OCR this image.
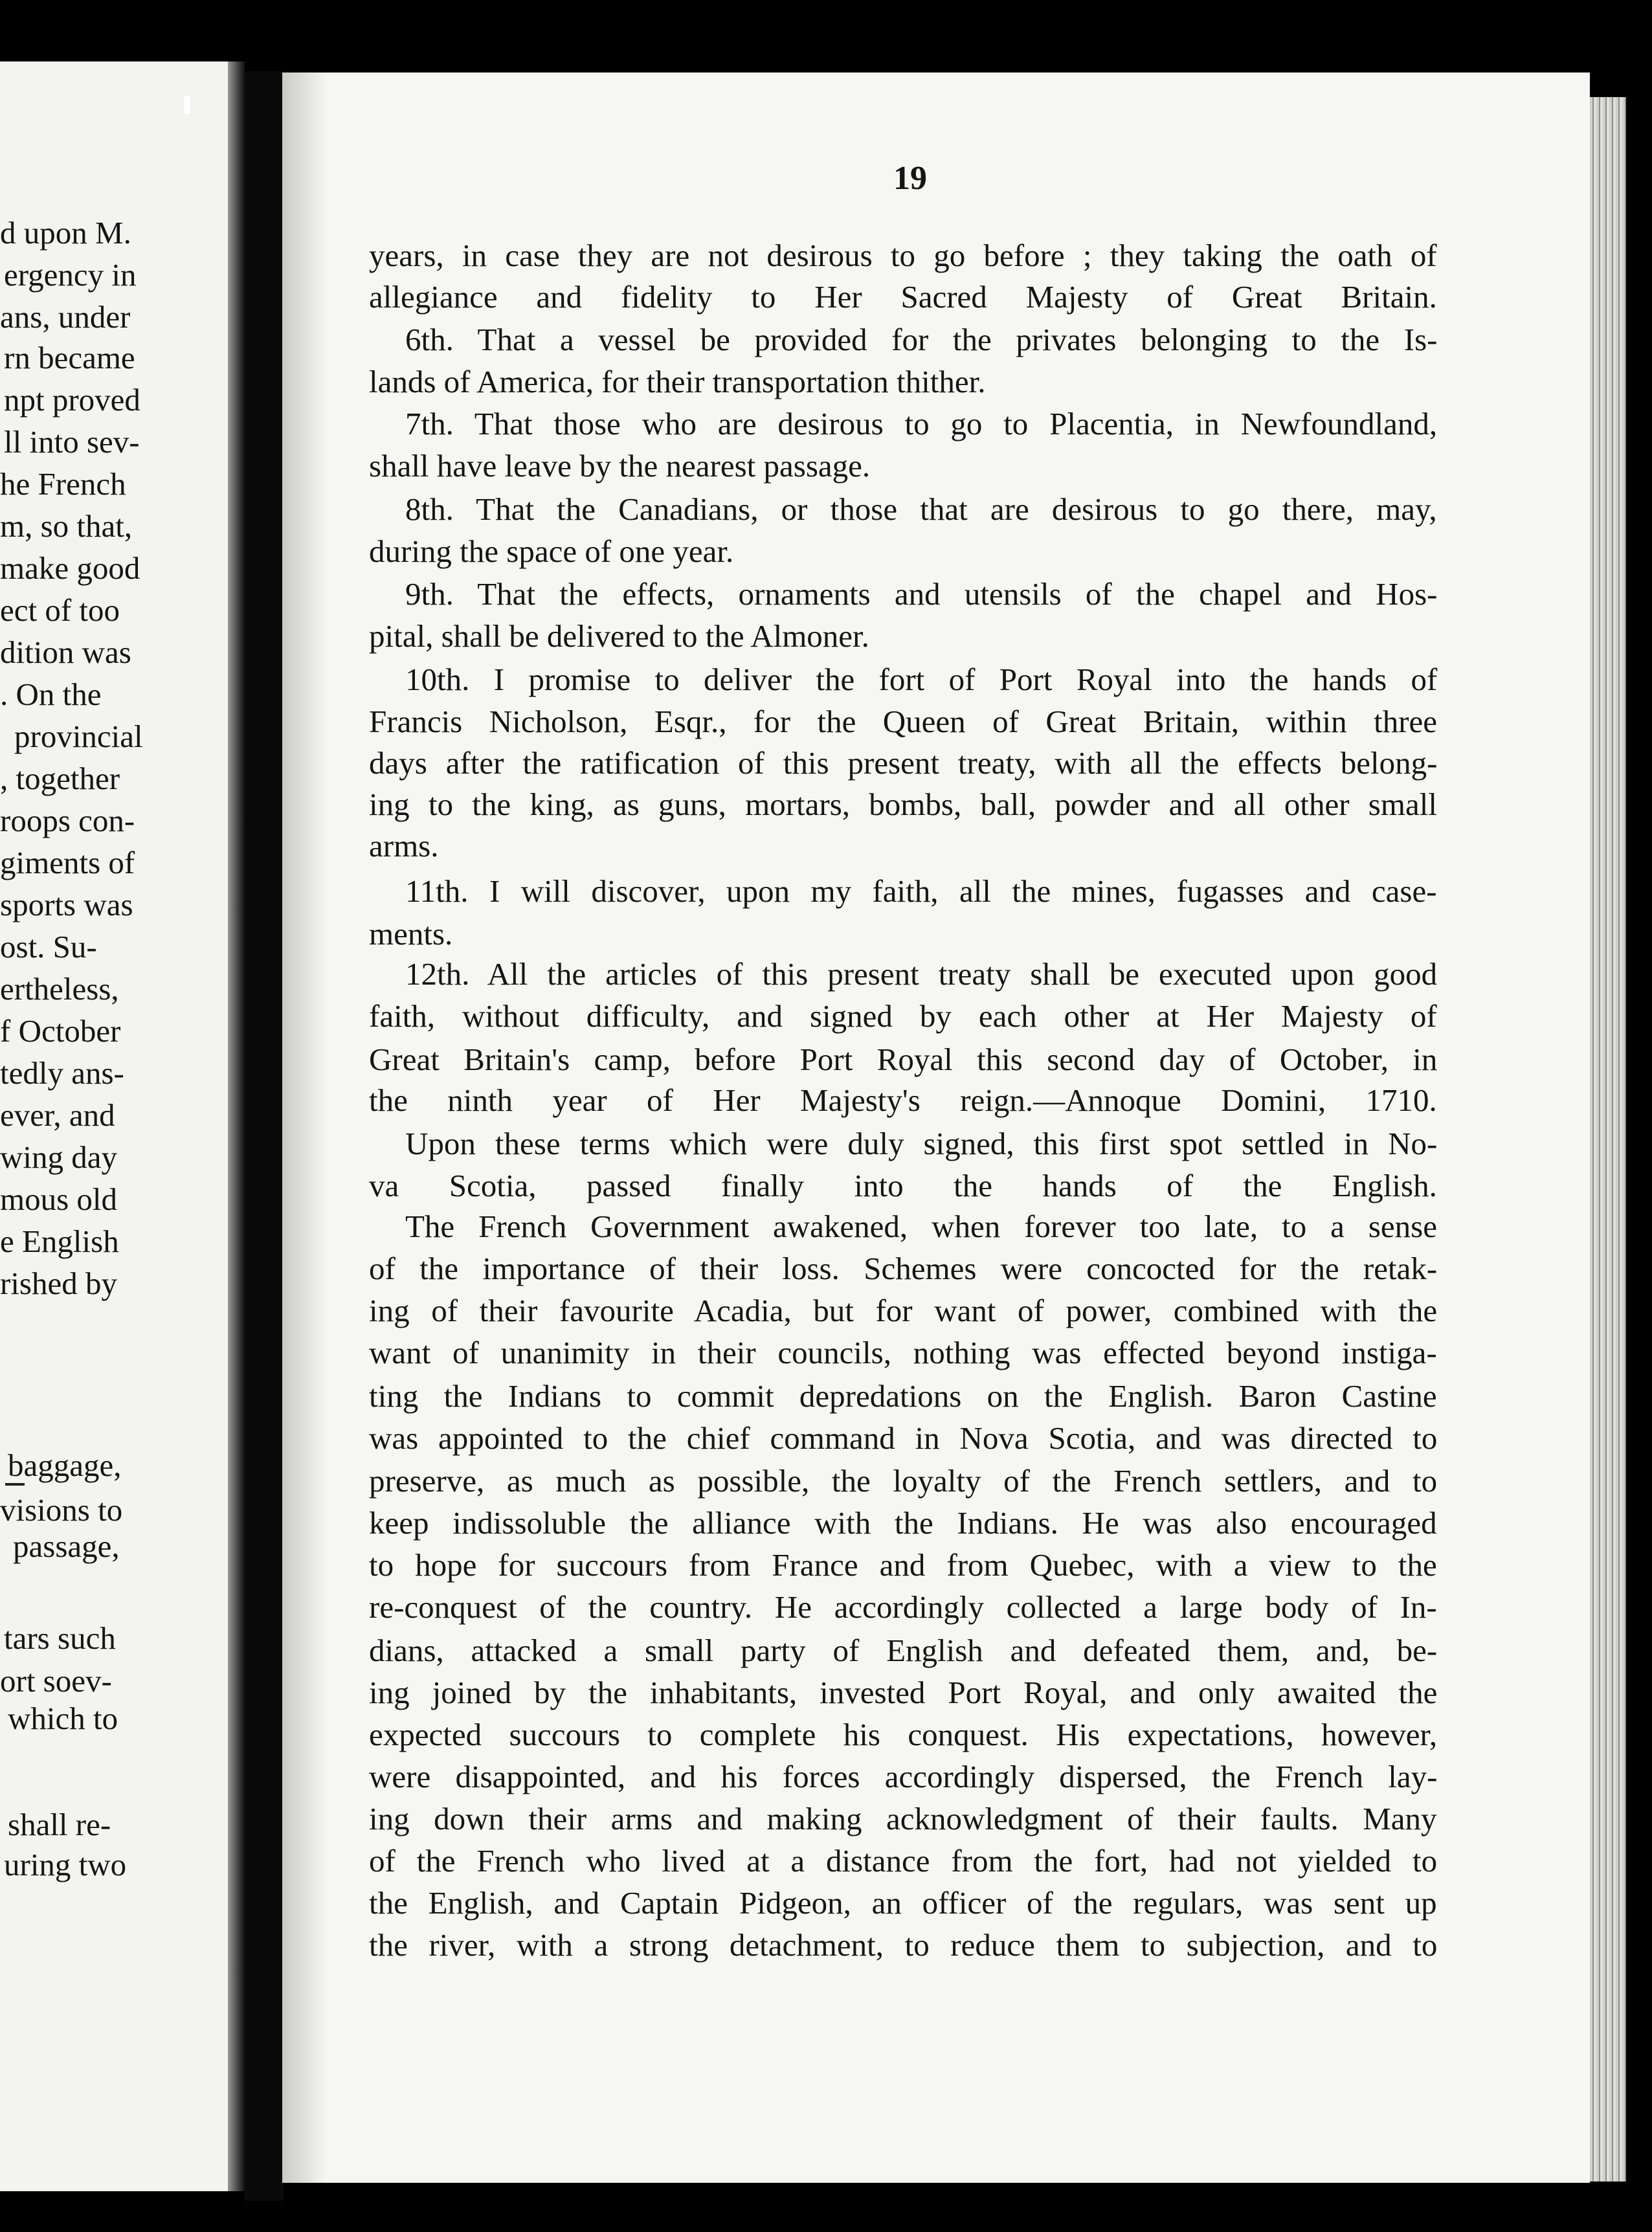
d upon M.
ergency in
ans, under
rn became
npt proved
ll into sev-
he French
m, so that,
make good
ect of too
dition was
. On the
provincial
, together
roops con-
giments of
sports was
ost. Su-
ertheless,
f October
tedly ans-
ever, and
wing day
mous old
e English
rished by
baggage,
visions to
passage,
tars such
ort soev-
which to
shall re-
uring two
19
years, in case they are not desirous to go before ; they taking the oath of
allegiance and fidelity to Her Sacred Majesty of Great Britain.
6th. That a vessel be provided for the privates belonging to the Is-
lands of America, for their transportation thither.
7th. That those who are desirous to go to Placentia, in Newfoundland,
shall have leave by the nearest passage.
8th. That the Canadians, or those that are desirous to go there, may,
during the space of one year.
9th. That the effects, ornaments and utensils of the chapel and Hos-
pital, shall be delivered to the Almoner.
10th. I promise to deliver the fort of Port Royal into the hands of
Francis Nicholson, Esqr., for the Queen of Great Britain, within three
days after the ratification of this present treaty, with all the effects belong-
ing to the king, as guns, mortars, bombs, ball, powder and all other small
arms.
11th. I will discover, upon my faith, all the mines, fugasses and case-
ments.
12th. All the articles of this present treaty shall be executed upon good
faith, without difficulty, and signed by each other at Her Majesty of
Great Britain's camp, before Port Royal this second day of October, in
the ninth year of Her Majesty's reign.—Annoque Domini, 1710.
Upon these terms which were duly signed, this first spot settled in No-
va Scotia, passed finally into the hands of the English.
The French Government awakened, when forever too late, to a sense
of the importance of their loss. Schemes were concocted for the retak-
ing of their favourite Acadia, but for want of power, combined with the
want of unanimity in their councils, nothing was effected beyond instiga-
ting the Indians to commit depredations on the English. Baron Castine
was appointed to the chief command in Nova Scotia, and was directed to
preserve, as much as possible, the loyalty of the French settlers, and to
keep indissoluble the alliance with the Indians. He was also encouraged
to hope for succours from France and from Quebec, with a view to the
re-conquest of the country. He accordingly collected a large body of In-
dians, attacked a small party of English and defeated them, and, be-
ing joined by the inhabitants, invested Port Royal, and only awaited the
expected succours to complete his conquest. His expectations, however,
were disappointed, and his forces accordingly dispersed, the French lay-
ing down their arms and making acknowledgment of their faults. Many
of the French who lived at a distance from the fort, had not yielded to
the English, and Captain Pidgeon, an officer of the regulars, was sent up
the river, with a strong detachment, to reduce them to subjection, and to
